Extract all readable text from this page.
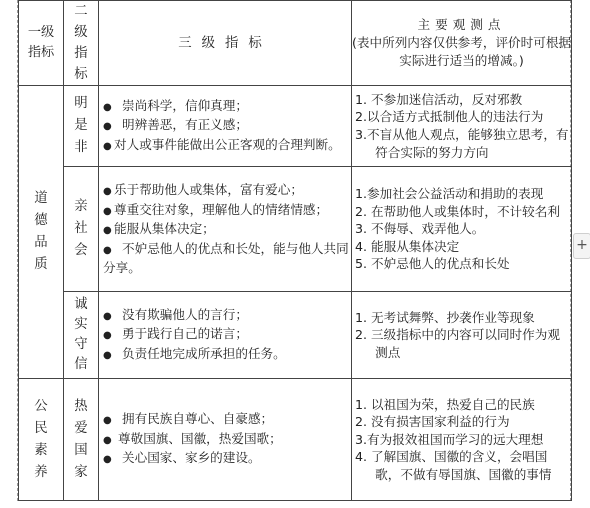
一级指标	二级指标	三级指标	主要观测点
(表中所列内容仅供参考，评价时可根据实际进行适当的增减。)

道德品质	明是非	● 崇尚科学，信仰真理；
● 明辨善恶，有正义感；
● 对人或事件能做出公正客观的合理判断。	1. 不参加迷信活动，反对邪教
2.以合适方式抵制他人的违法行为
3.不盲从他人观点，能够独立思考，有符合实际的努力方向

	亲社会	● 乐于帮助他人或集体，富有爱心；
● 尊重交往对象，理解他人的情绪情感；
● 能服从集体决定；
● 不妒忌他人的优点和长处，能与他人共同分享。	1.参加社会公益活动和捐助的表现
2. 在帮助他人或集体时，不计较名利
3. 不侮辱、戏弄他人。
4. 能服从集体决定
5. 不妒忌他人的优点和长处

	诚实守信	● 没有欺骗他人的言行；
● 勇于践行自己的诺言；
● 负责任地完成所承担的任务。	1. 无考试舞弊、抄袭作业等现象
2. 三级指标中的内容可以同时作为观测点

公民素养	热爱国家	● 拥有民族自尊心、自豪感；
● 尊敬国旗、国徽，热爱国歌；
● 关心国家、家乡的建设。	1. 以祖国为荣，热爱自己的民族
2. 没有损害国家利益的行为
3.有为报效祖国而学习的远大理想
4. 了解国旗、国徽的含义，会唱国歌，不做有辱国旗、国徽的事情
+
